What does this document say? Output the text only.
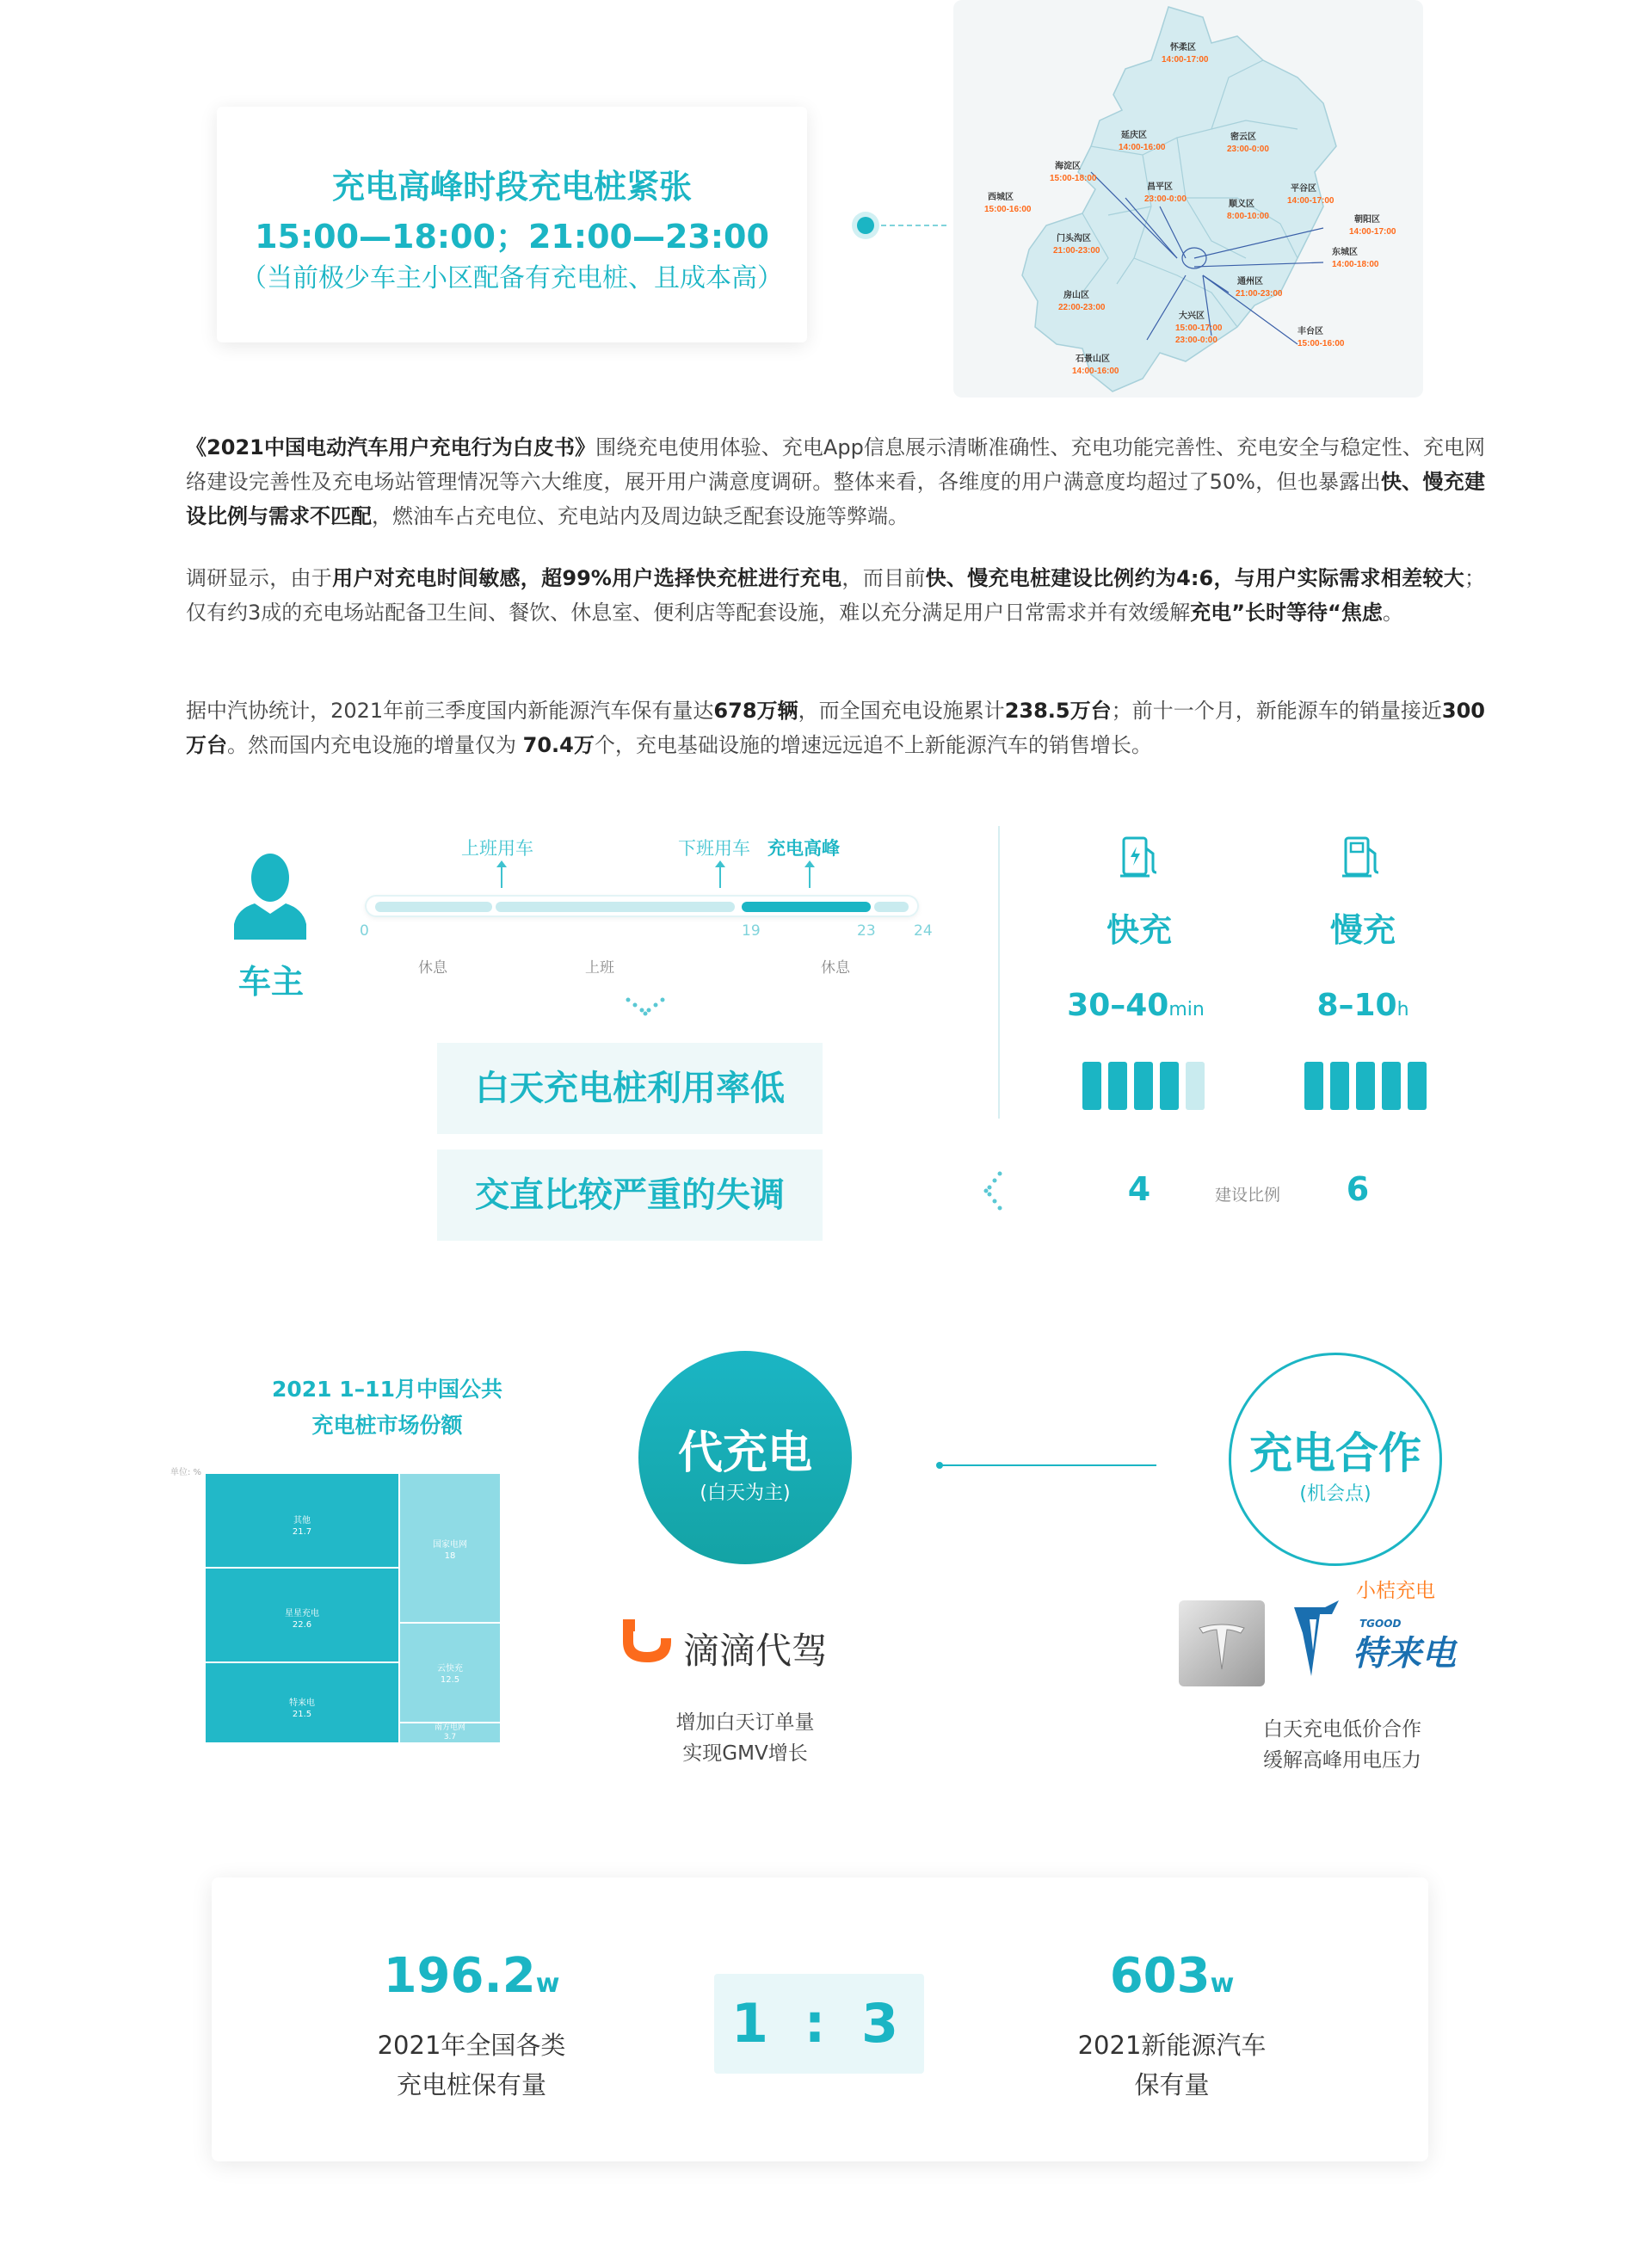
充电高峰时段充电桩紧张
15:00—18:00；21:00—23:00
（当前极少车主小区配备有充电桩、且成本高）
怀柔区
14:00-17:00
延庆区
14:00-16:00
密云区
23:00-0:00
海淀区
15:00-18:00
昌平区
23:00-0:00
西城区
15:00-16:00
顺义区
8:00-10:00
平谷区
14:00-17:00
朝阳区
14:00-17:00
门头沟区
21:00-23:00	东城区
14:00-18:00
房山区
22:00-23:00
通州区
21:00-23:00
大兴区
15:00-17:00
23:00-0:00
丰台区
15:00-16:00
石景山区
14:00-16:00
《2021中国电动汽车用户充电行为白皮书》围绕充电使用体验、充电App信息展示清晰准确性、充电功能完善性、充电安全与稳定性、充电网络建设完善性及充电场站管理情况等六大维度，展开用户满意度调研。整体来看，各维度的用户满意度均超过了50%，但也暴露出快、慢充建设比例与需求不匹配，燃油车占充电位、充电站内及周边缺乏配套设施等弊端。
调研显示，由于用户对充电时间敏感，超99%用户选择快充桩进行充电，而目前快、慢充电桩建设比例约为4:6，与用户实际需求相差较大；仅有约3成的充电场站配备卫生间、餐饮、休息室、便利店等配套设施，难以充分满足用户日常需求并有效缓解充电”长时等待“焦虑。
据中汽协统计，2021年前三季度国内新能源汽车保有量达678万辆，而全国充电设施累计238.5万台；前十一个月，新能源车的销量接近300万台。然而国内充电设施的增量仅为 70.4万个，充电基础设施的增速远远追不上新能源汽车的销售增长。
车主
上班用车	下班用车 充电高峰
0	19	23	24
休息	上班	休息
白天充电桩利用率低
交直比较严重的失调
快充	慢充
30–40min	8–10h
4	建设比例	6
2021 1–11月中国公共
充电桩市场份额
单位: %
其他
21.7
星星充电
22.6
特来电
21.5
国家电网
18
云快充
12.5
南方电网
3.7
代充电
(白天为主)
充电合作
(机会点)
滴滴代驾
增加白天订单量
实现GMV增长
小桔充电
TGOOD
特来电
白天充电低价合作
缓解高峰用电压力
196.2w
2021年全国各类
充电桩保有量
1 : 3
603w
2021新能源汽车
保有量
